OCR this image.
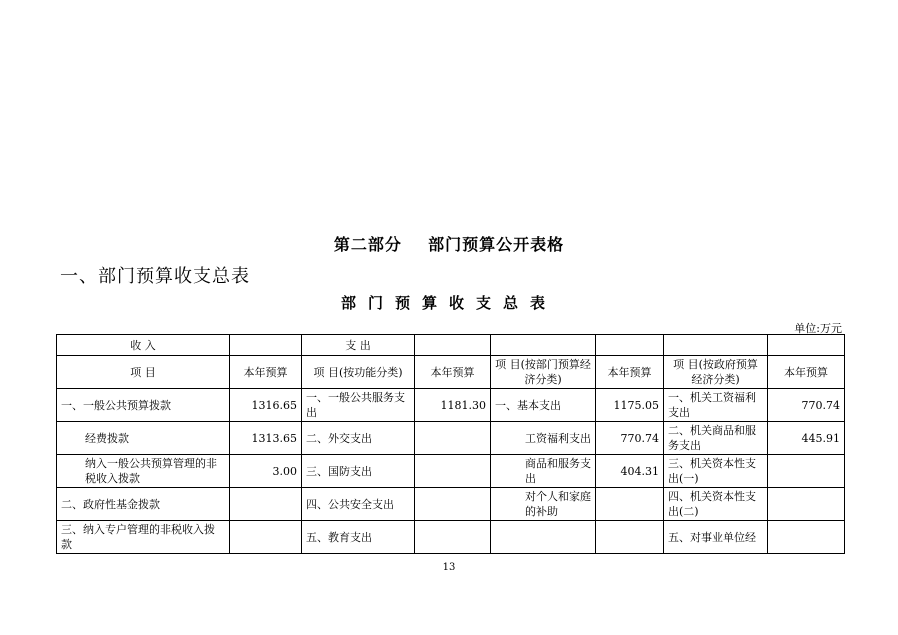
第二部分    部门预算公开表格
一、部门预算收支总表
部门预算收支总表
单位:万元
收 入		支 出					
项 目	本年预算	项 目(按功能分类)	本年预算	项 目(按部门预算经济分类)	本年预算	项 目(按政府预算经济分类)	本年预算
一、一般公共预算拨款	1316.65	一、一般公共服务支出	1181.30	一、基本支出	1175.05	一、机关工资福利支出	770.74
经费拨款	1313.65	二、外交支出		工资福利支出	770.74	二、机关商品和服务支出	445.91
纳入一般公共预算管理的非税收入拨款	3.00	三、国防支出		商品和服务支出	404.31	三、机关资本性支出(一)	
二、政府性基金拨款		四、公共安全支出		对个人和家庭的补助		四、机关资本性支出(二)	
三、纳入专户管理的非税收入拨款		五、教育支出				五、对事业单位经	
13
